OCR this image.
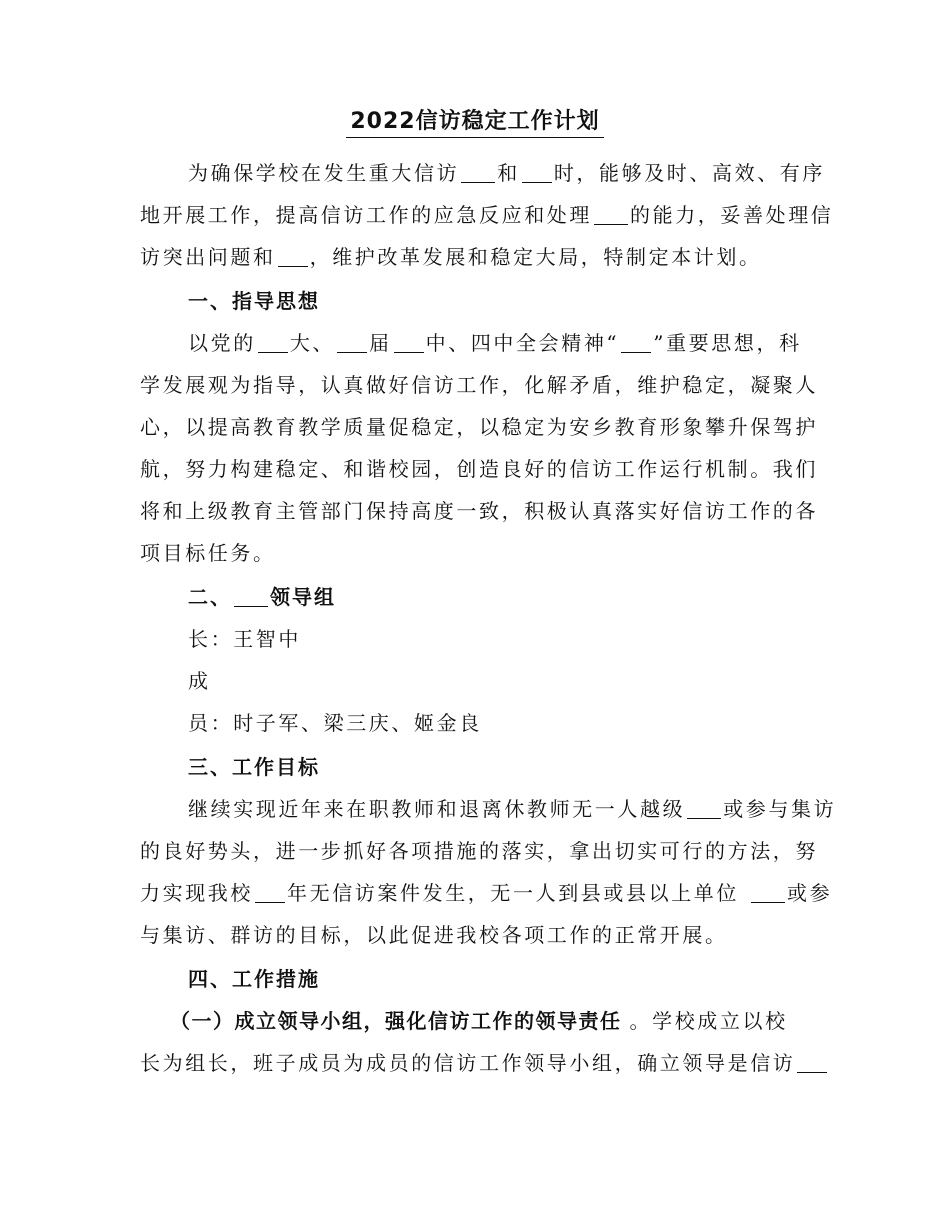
2022信访稳定工作计划
为确保学校在发生重大信访 和 时，能够及时、高效、有序
地开展工作，提高信访工作的应急反应和处理 的能力，妥善处理信
访突出问题和 ，维护改革发展和稳定大局，特制定本计划。
一、指导思想
以党的 大、 届 中、四中全会精神“ ”重要思想，科
学发展观为指导，认真做好信访工作，化解矛盾，维护稳定，凝聚人
心，以提高教育教学质量促稳定，以稳定为安乡教育形象攀升保驾护
航，努力构建稳定、和谐校园，创造良好的信访工作运行机制。我们
将和上级教育主管部门保持高度一致，积极认真落实好信访工作的各
项目标任务。
二、 领导组
长：王智中
成
员：时子军、梁三庆、姬金良
三、工作目标
继续实现近年来在职教师和退离休教师无一人越级 或参与集访
的良好势头，进一步抓好各项措施的落实，拿出切实可行的方法，努
力实现我校 年无信访案件发生，无一人到县或县以上单位 或参
与集访、群访的目标，以此促进我校各项工作的正常开展。
四、工作措施
（一）成立领导小组，强化信访工作的领导责任 。学校成立以校
长为组长，班子成员为成员的信访工作领导小组，确立领导是信访
